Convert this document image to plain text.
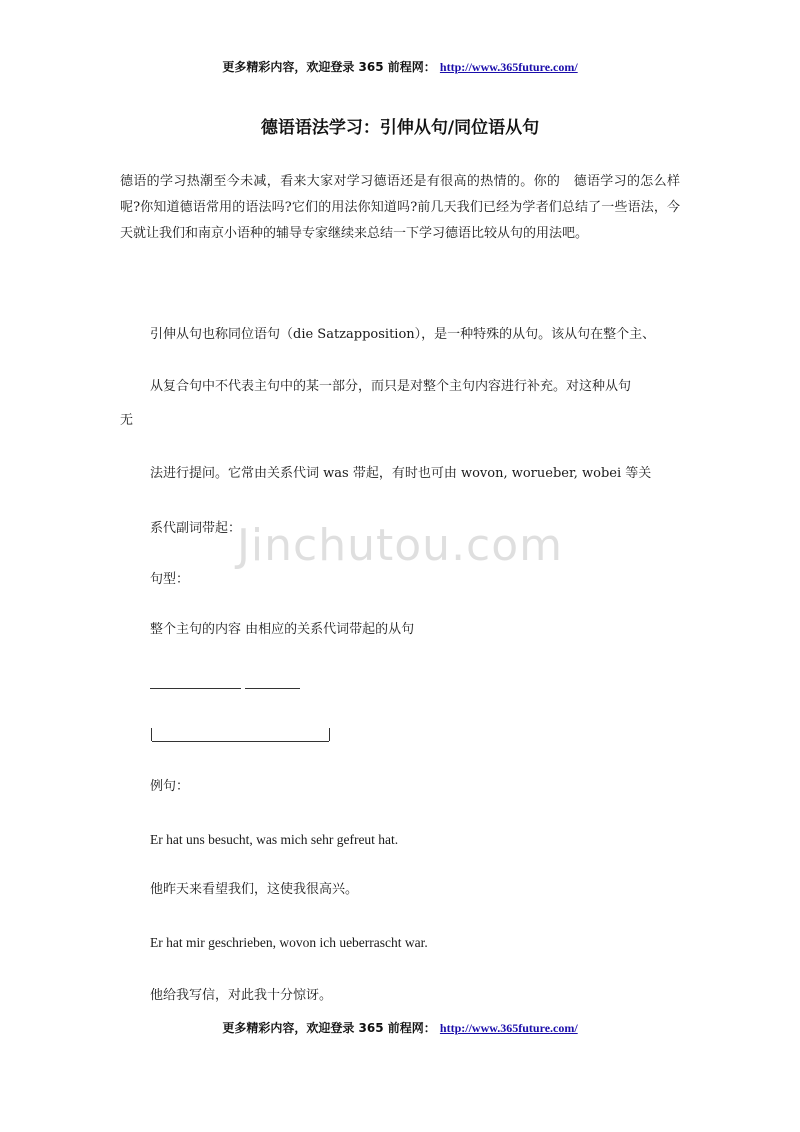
更多精彩内容，欢迎登录 365 前程网： http://www.365future.com/
德语语法学习：引伸从句/同位语从句
德语的学习热潮至今未减，看来大家对学习德语还是有很高的热情的。你的　德语学习的怎么样呢?你知道德语常用的语法吗?它们的用法你知道吗?前几天我们已经为学者们总结了一些语法，今天就让我们和南京小语种的辅导专家继续来总结一下学习德语比较从句的用法吧。
引伸从句也称同位语句（die Satzapposition），是一种特殊的从句。该从句在整个主、
从复合句中不代表主句中的某一部分，而只是对整个主句内容进行补充。对这种从句
无
法进行提问。它常由关系代词 was 带起，有时也可由 wovon, worueber, wobei 等关
系代副词带起：
Jinchutou.com
句型：
整个主句的内容 由相应的关系代词带起的从句
例句：
Er hat uns besucht, was mich sehr gefreut hat.
他昨天来看望我们，这使我很高兴。
Er hat mir geschrieben, wovon ich ueberrascht war.
他给我写信，对此我十分惊讶。
更多精彩内容，欢迎登录 365 前程网： http://www.365future.com/
